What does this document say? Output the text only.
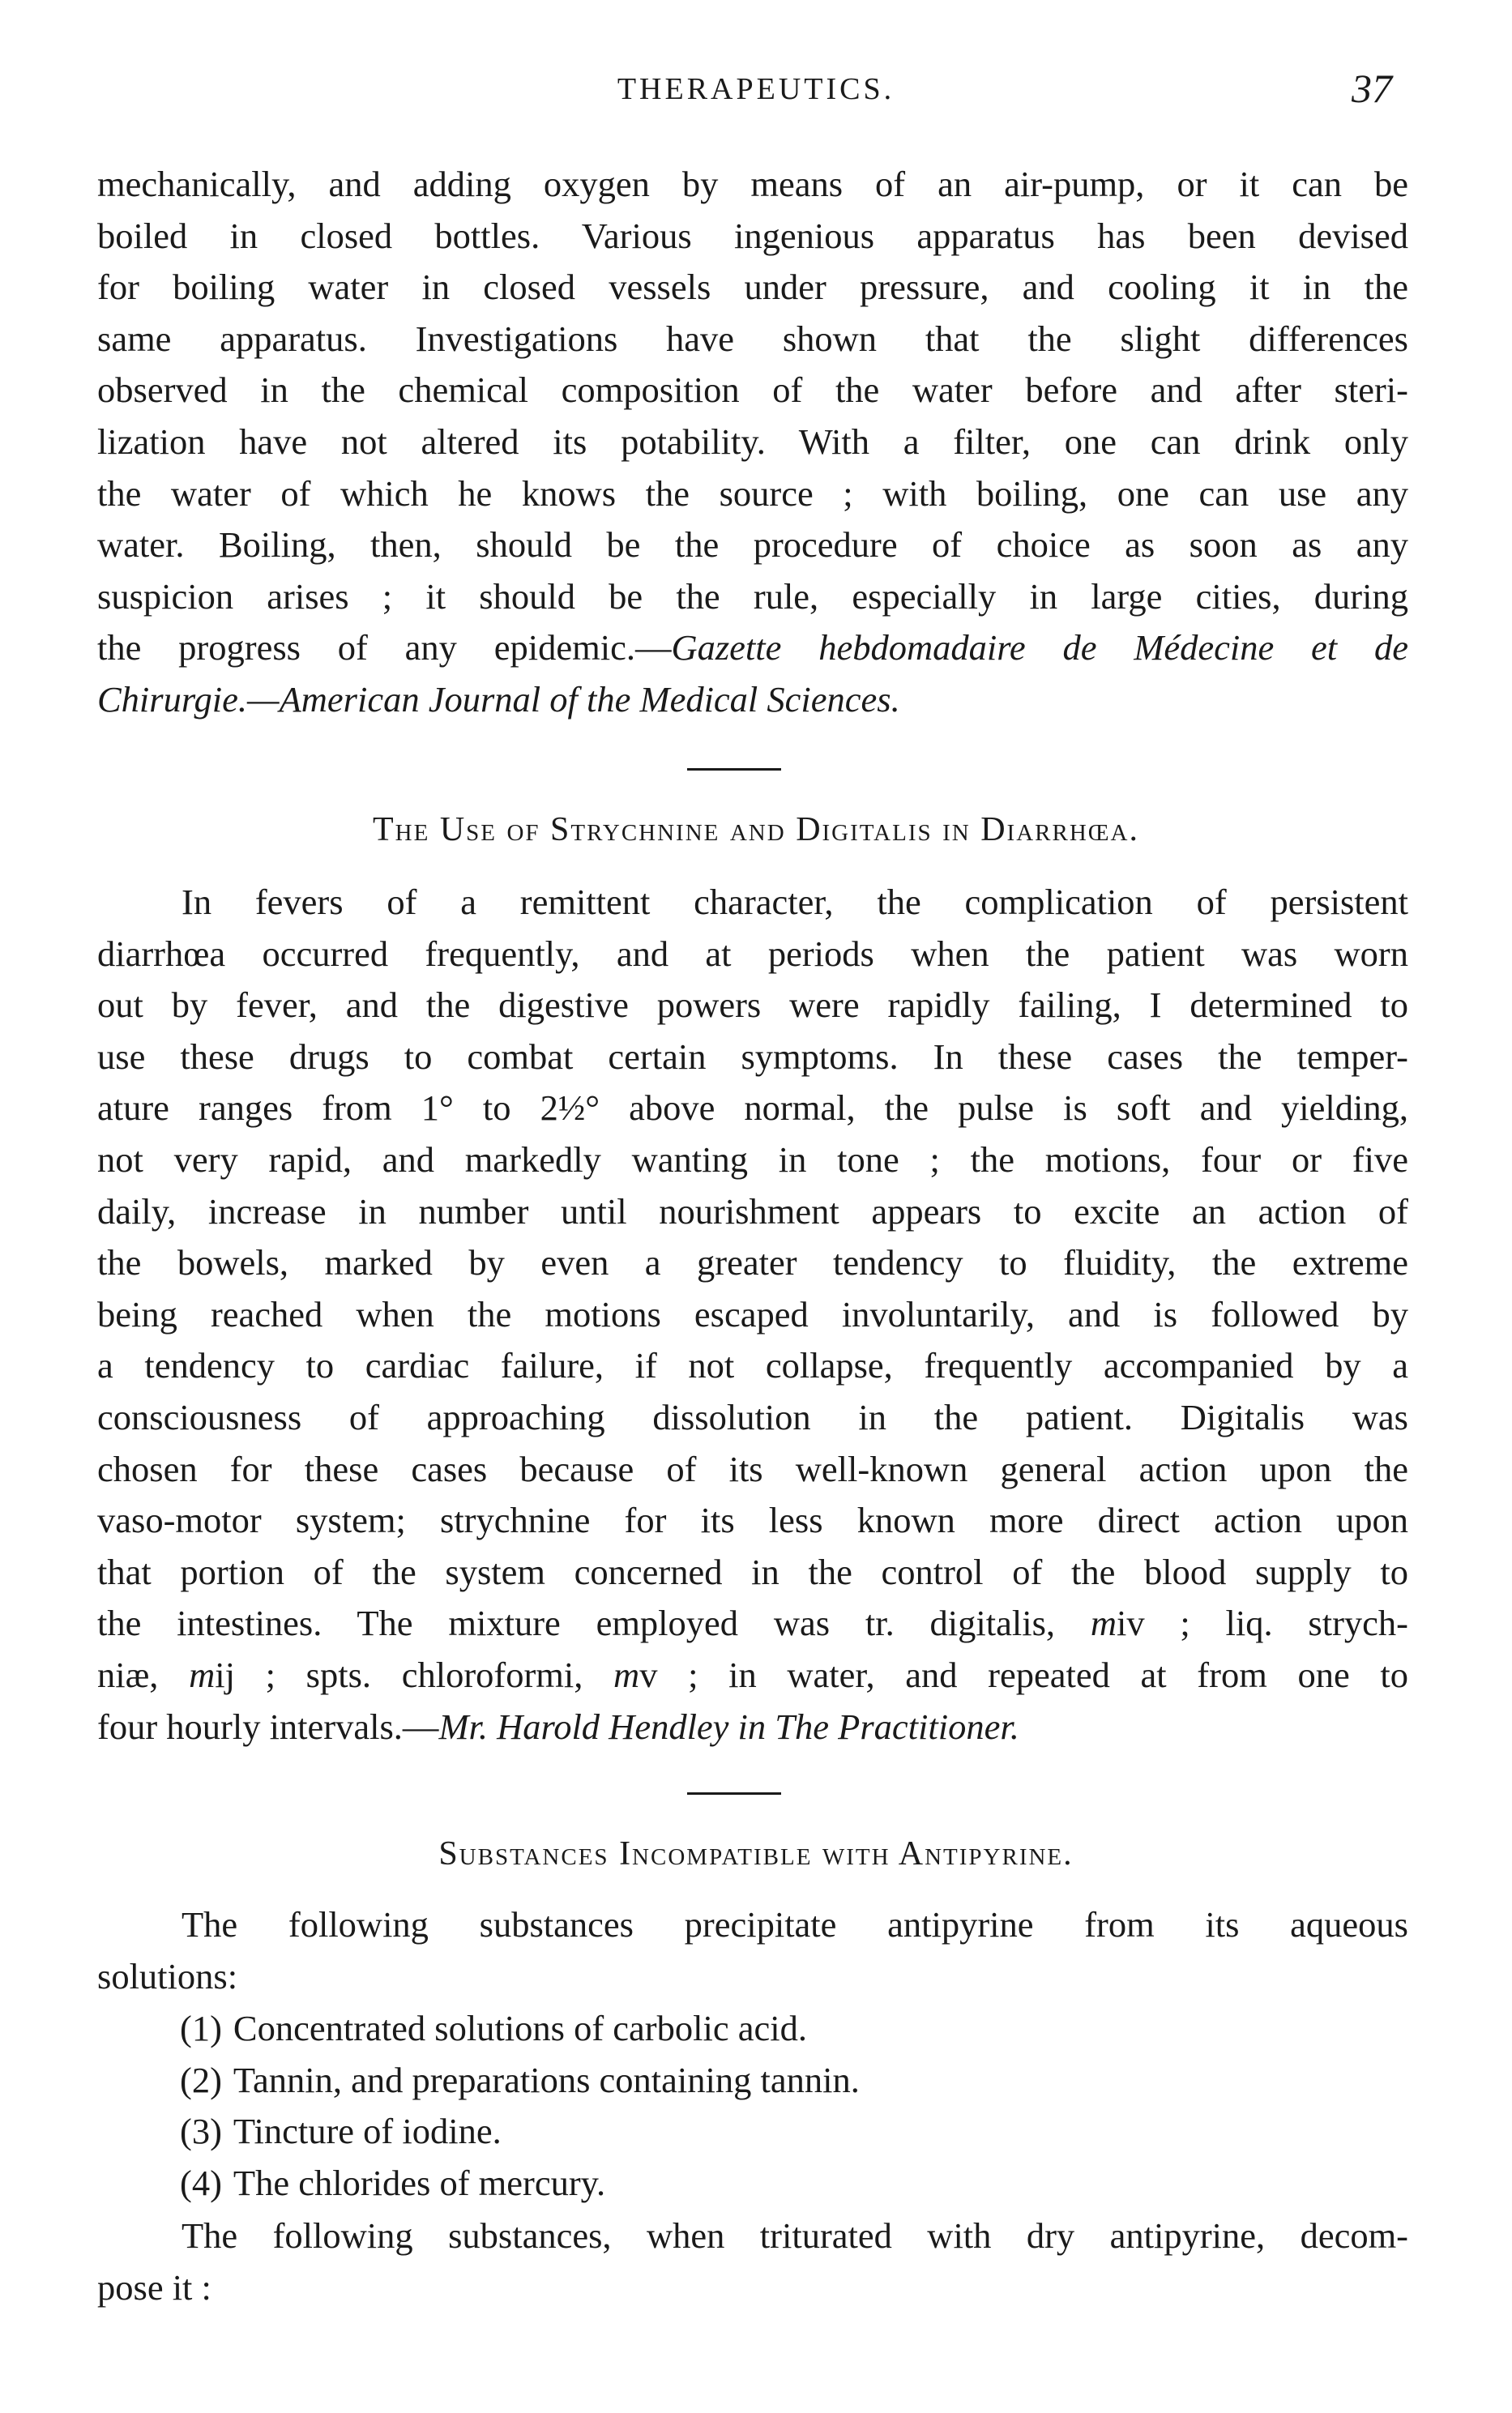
THERAPEUTICS.	37
mechanically, and adding oxygen by means of an air-pump, or it can be
boiled in closed bottles. Various ingenious apparatus has been devised
for boiling water in closed vessels under pressure, and cooling it in the
same apparatus. Investigations have shown that the slight differences
observed in the chemical composition of the water before and after steri-
lization have not altered its potability. With a filter, one can drink only
the water of which he knows the source ; with boiling, one can use any
water. Boiling, then, should be the procedure of choice as soon as any
suspicion arises ; it should be the rule, especially in large cities, during
the progress of any epidemic.—Gazette hebdomadaire de Médecine et de
Chirurgie.—American Journal of the Medical Sciences.
The Use of Strychnine and Digitalis in Diarrhœa.
In fevers of a remittent character, the complication of persistent
diarrhœa occurred frequently, and at periods when the patient was worn
out by fever, and the digestive powers were rapidly failing, I determined to
use these drugs to combat certain symptoms. In these cases the temper-
ature ranges from 1° to 2½° above normal, the pulse is soft and yielding,
not very rapid, and markedly wanting in tone ; the motions, four or five
daily, increase in number until nourishment appears to excite an action of
the bowels, marked by even a greater tendency to fluidity, the extreme
being reached when the motions escaped involuntarily, and is followed by
a tendency to cardiac failure, if not collapse, frequently accompanied by a
consciousness of approaching dissolution in the patient. Digitalis was
chosen for these cases because of its well-known general action upon the
vaso-motor system; strychnine for its less known more direct action upon
that portion of the system concerned in the control of the blood supply to
the intestines. The mixture employed was tr. digitalis, miv ; liq. strych-
niæ, mij ; spts. chloroformi, mv ; in water, and repeated at from one to
four hourly intervals.—Mr. Harold Hendley in The Practitioner.
Substances Incompatible with Antipyrine.
The following substances precipitate antipyrine from its aqueous
solutions:
(1) Concentrated solutions of carbolic acid.
(2) Tannin, and preparations containing tannin.
(3) Tincture of iodine.
(4) The chlorides of mercury.
The following substances, when triturated with dry antipyrine, decom-
pose it :
